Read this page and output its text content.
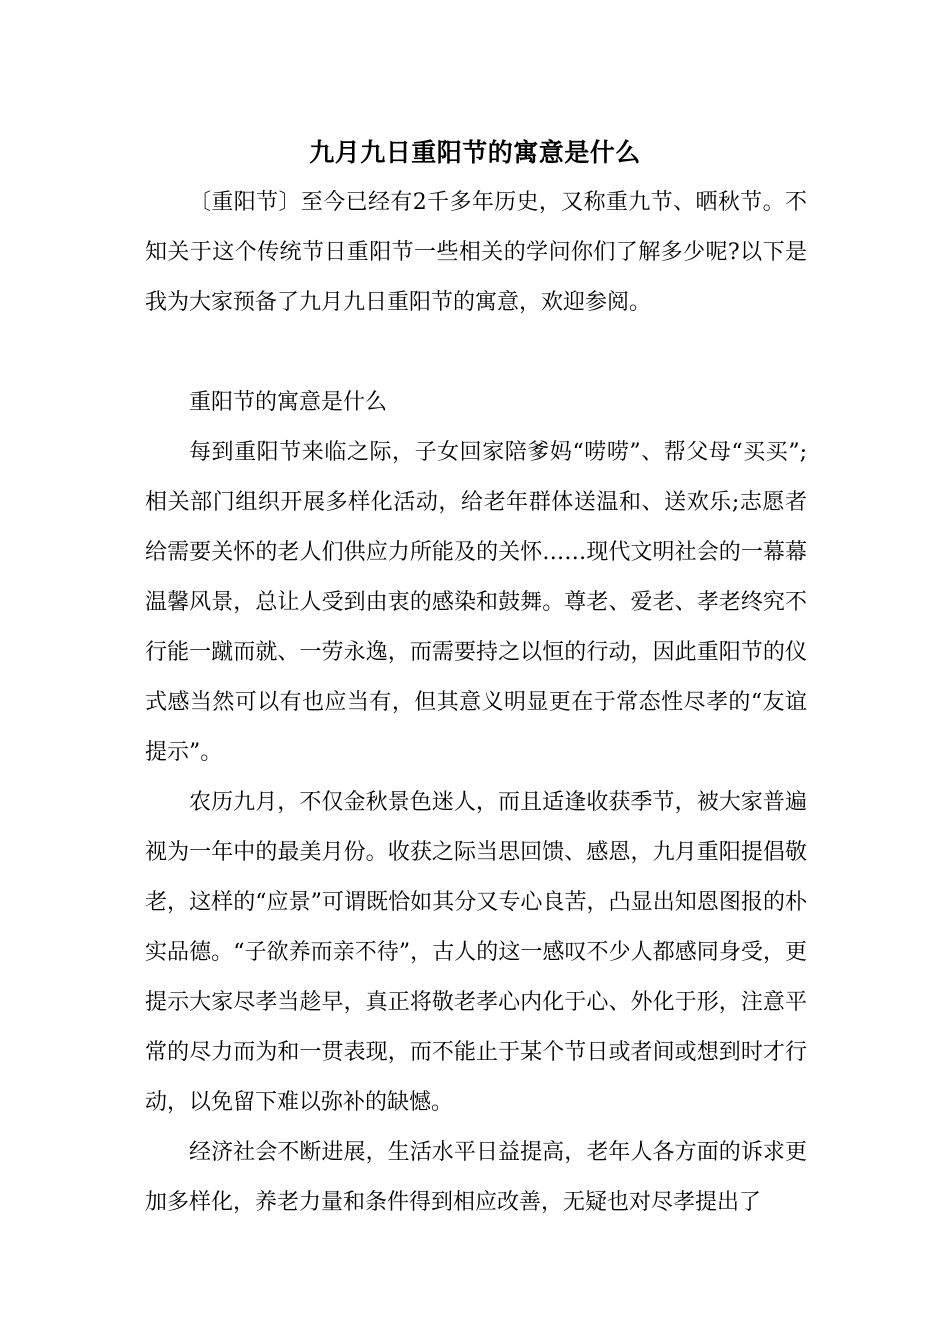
九月九日重阳节的寓意是什么

〔重阳节〕至今已经有2千多年历史，又称重九节、晒秋节。不知关于这个传统节日重阳节一些相关的学问你们了解多少呢?以下是我为大家预备了九月九日重阳节的寓意，欢迎参阅。

重阳节的寓意是什么

每到重阳节来临之际，子女回家陪爹妈“唠唠”、帮父母“买买”;相关部门组织开展多样化活动，给老年群体送温和、送欢乐;志愿者给需要关怀的老人们供应力所能及的关怀……现代文明社会的一幕幕温馨风景，总让人受到由衷的感染和鼓舞。尊老、爱老、孝老终究不行能一蹴而就、一劳永逸，而需要持之以恒的行动，因此重阳节的仪式感当然可以有也应当有，但其意义明显更在于常态性尽孝的“友谊提示”。

农历九月，不仅金秋景色迷人，而且适逢收获季节，被大家普遍视为一年中的最美月份。收获之际当思回馈、感恩，九月重阳提倡敬老，这样的“应景”可谓既恰如其分又专心良苦，凸显出知恩图报的朴实品德。“子欲养而亲不待”，古人的这一感叹不少人都感同身受，更提示大家尽孝当趁早，真正将敬老孝心内化于心、外化于形，注意平常的尽力而为和一贯表现，而不能止于某个节日或者间或想到时才行动，以免留下难以弥补的缺憾。

经济社会不断进展，生活水平日益提高，老年人各方面的诉求更加多样化，养老力量和条件得到相应改善，无疑也对尽孝提出了
